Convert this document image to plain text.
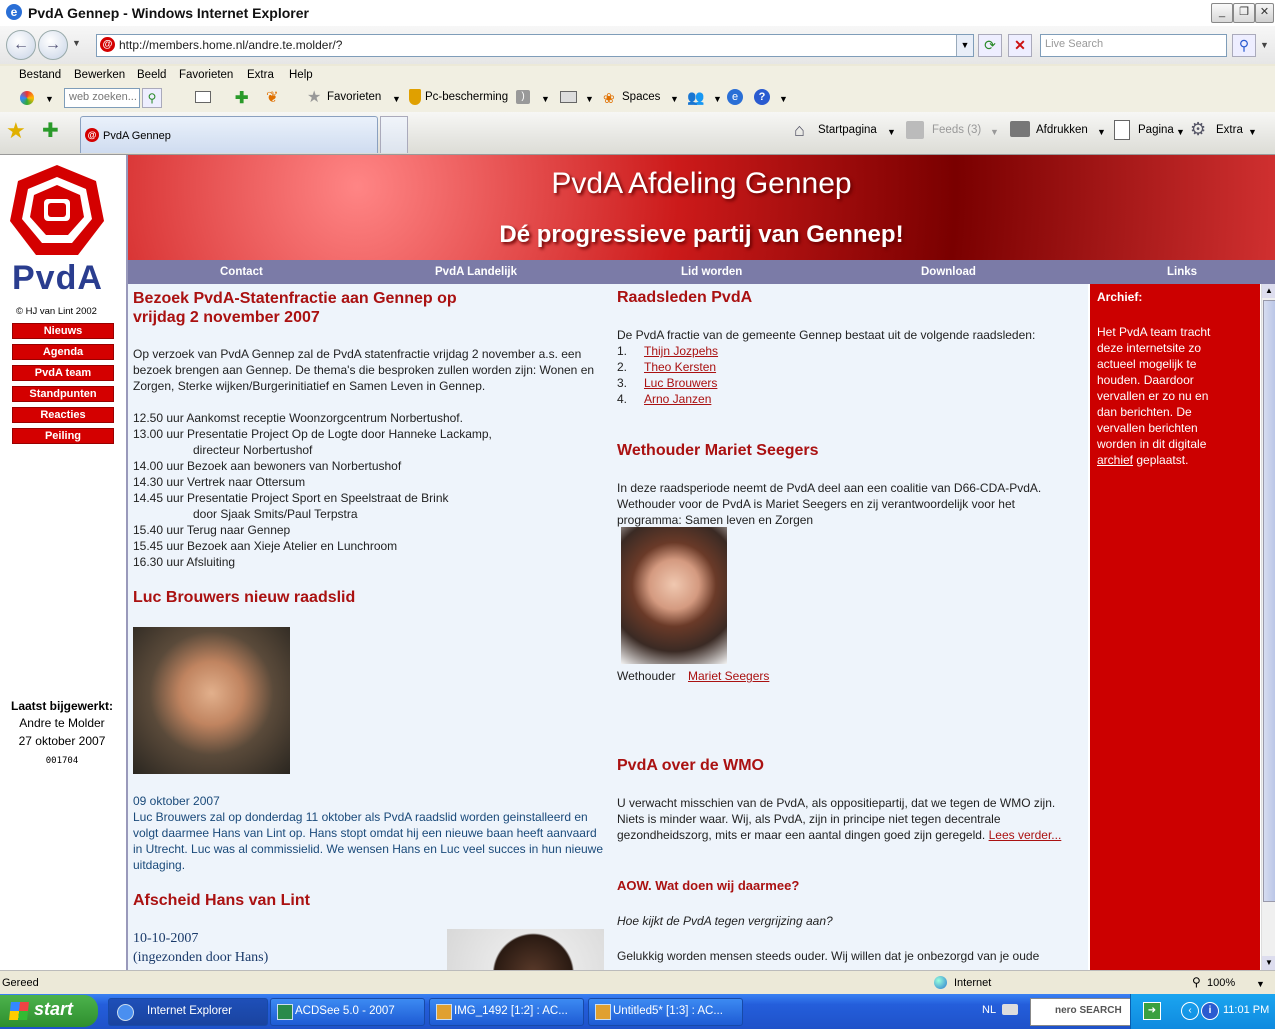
e PvdA Gennep - Windows Internet Explorer	_	❐ ✕
←	→	▼ @ http://members.home.nl/andre.te.molder/?	▼	⟳	✕	Live Search	⚲	▼
Bestand Bewerken Beeld Favorieten Extra Help
▼ web zoeken... ⚲	✚ ❦ ★ Favorieten ▼ Pc-bescherming	)	▼	▼ ❀ Spaces ▼ 👥 ▼ e	?	▼
★ ✚	@ PvdA Gennep	⌂ Startpagina ▼	Feeds (3) ▼	Afdrukken ▼	Pagina ▼ ⚙ Extra ▼
PvdA
© HJ van Lint 2002
Nieuws
Agenda
PvdA team
Standpunten
Reacties
Peiling
Laatst bijgewerkt:
Andre te Molder
27 oktober 2007
001704
PvdA Afdeling Gennep
Dé progressieve partij van Gennep!
Contact	PvdA Landelijk	Lid worden	Download	Links
Bezoek PvdA-Statenfractie aan Gennep op vrijdag 2 november 2007
Op verzoek van PvdA Gennep zal de PvdA statenfractie vrijdag 2 november a.s. een bezoek brengen aan Gennep. De thema's die besproken zullen worden zijn: Wonen en Zorgen, Sterke wijken/Burgerinitiatief en Samen Leven in Gennep.
12.50 uur Aankomst receptie Woonzorgcentrum Norbertushof.
13.00 uur Presentatie Project Op de Logte door Hanneke Lackamp,
directeur Norbertushof
14.00 uur Bezoek aan bewoners van Norbertushof
14.30 uur Vertrek naar Ottersum
14.45 uur Presentatie Project Sport en Speelstraat de Brink
door Sjaak Smits/Paul Terpstra
15.40 uur Terug naar Gennep
15.45 uur Bezoek aan Xieje Atelier en Lunchroom
16.30 uur Afsluiting
Luc Brouwers nieuw raadslid
09 oktober 2007
Luc Brouwers zal op donderdag 11 oktober als PvdA raadslid worden geinstalleerd en volgt daarmee Hans van Lint op. Hans stopt omdat hij een nieuwe baan heeft aanvaard in Utrecht. Luc was al commissielid. We wensen Hans en Luc veel succes in hun nieuwe uitdaging.
Afscheid Hans van Lint
10-10-2007
(ingezonden door Hans)
Raadsleden PvdA
De PvdA fractie van de gemeente Gennep bestaat uit de volgende raadsleden:
1. Thijn Jozpehs
2. Theo Kersten
3. Luc Brouwers
4. Arno Janzen
Wethouder Mariet Seegers
In deze raadsperiode neemt de PvdA deel aan een coalitie van D66-CDA-PvdA. Wethouder voor de PvdA is Mariet Seegers en zij verantwoordelijk voor het programma: Samen leven en Zorgen
Wethouder Mariet Seegers
PvdA over de WMO
U verwacht misschien van de PvdA, als oppositiepartij, dat we tegen de WMO zijn. Niets is minder waar. Wij, als PvdA, zijn in principe niet tegen decentrale gezondheidszorg, mits er maar een aantal dingen goed zijn geregeld. Lees verder...
AOW. Wat doen wij daarmee?
Hoe kijkt de PvdA tegen vergrijzing aan?
Gelukkig worden mensen steeds ouder. Wij willen dat je onbezorgd van je oude
Archief:
Het PvdA team tracht deze internetsite zo actueel mogelijk te houden. Daardoor vervallen er zo nu en dan berichten. De vervallen berichten worden in dit digitale archief geplaatst.
▲
▼
Gereed	Internet	⚲ 100% ▼
start	Internet Explorer	ACDSee 5.0 - 2007	IMG_1492 [1:2] : AC...	Untitled5* [1:3] : AC...	NL	nero SEARCH	➜	‹	i	11:01 PM
